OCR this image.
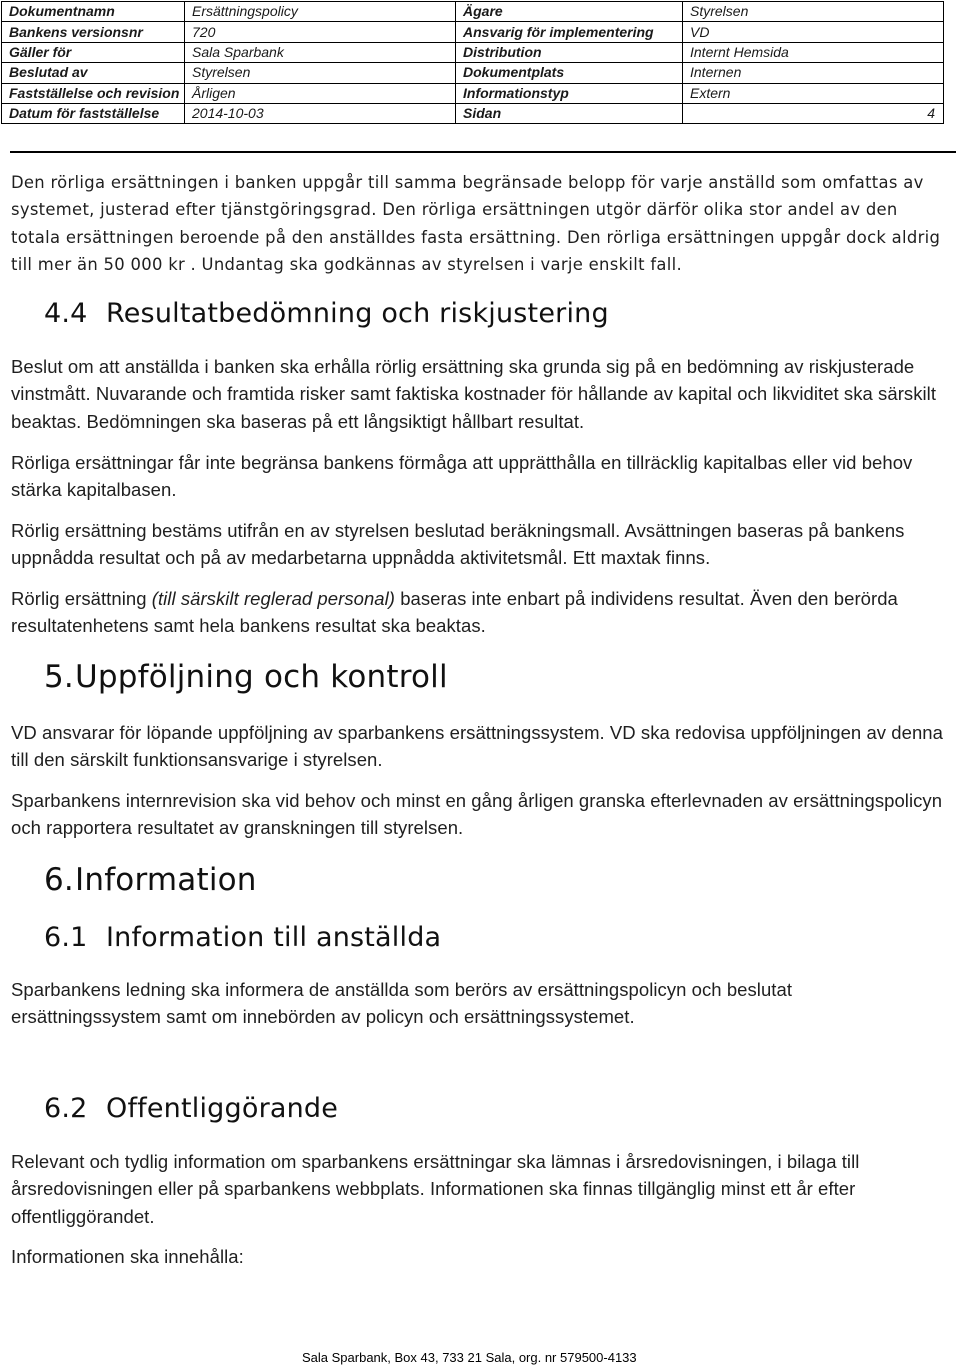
Dokumentnamn	Ersättningspolicy	Ägare	Styrelsen
Bankens versionsnr	720	Ansvarig för implementering	VD
Gäller för	Sala Sparbank	Distribution	Internt Hemsida
Beslutad av	Styrelsen	Dokumentplats	Internen
Fastställelse och revision	Årligen	Informationstyp	Extern
Datum för fastställelse	2014-10-03	Sidan	4

Den rörliga ersättningen i banken uppgår till samma begränsade belopp för varje anställd som omfattas av systemet, justerad efter tjänstgöringsgrad. Den rörliga ersättningen utgör därför olika stor andel av den totala ersättningen beroende på den anställdes fasta ersättning. Den rörliga ersättningen uppgår dock aldrig till mer än 50 000 kr . Undantag ska godkännas av styrelsen i varje enskilt fall.

4.4 Resultatbedömning och riskjustering

Beslut om att anställda i banken ska erhålla rörlig ersättning ska grunda sig på en bedömning av riskjusterade vinstmått. Nuvarande och framtida risker samt faktiska kostnader för hållande av kapital och likviditet ska särskilt beaktas. Bedömningen ska baseras på ett långsiktigt hållbart resultat.

Rörliga ersättningar får inte begränsa bankens förmåga att upprätthålla en tillräcklig kapitalbas eller vid behov stärka kapitalbasen.

Rörlig ersättning bestäms utifrån en av styrelsen beslutad beräkningsmall. Avsättningen baseras på bankens uppnådda resultat och på av medarbetarna uppnådda aktivitetsmål. Ett maxtak finns.

Rörlig ersättning (till särskilt reglerad personal) baseras inte enbart på individens resultat. Även den berörda resultatenhetens samt hela bankens resultat ska beaktas.

5.Uppföljning och kontroll

VD ansvarar för löpande uppföljning av sparbankens ersättningssystem. VD ska redovisa uppföljningen av denna till den särskilt funktionsansvarige i styrelsen.

Sparbankens internrevision ska vid behov och minst en gång årligen granska efterlevnaden av ersättningspolicyn och rapportera resultatet av granskningen till styrelsen.

6.Information
6.1 Information till anställda

Sparbankens ledning ska informera de anställda som berörs av ersättningspolicyn och beslutat ersättningssystem samt om innebörden av policyn och ersättningssystemet.

6.2 Offentliggörande

Relevant och tydlig information om sparbankens ersättningar ska lämnas i årsredovisningen, i bilaga till årsredovisningen eller på sparbankens webbplats. Informationen ska finnas tillgänglig minst ett år efter offentliggörandet.

Informationen ska innehålla:

Sala Sparbank, Box 43, 733 21 Sala, org. nr 579500-4133
